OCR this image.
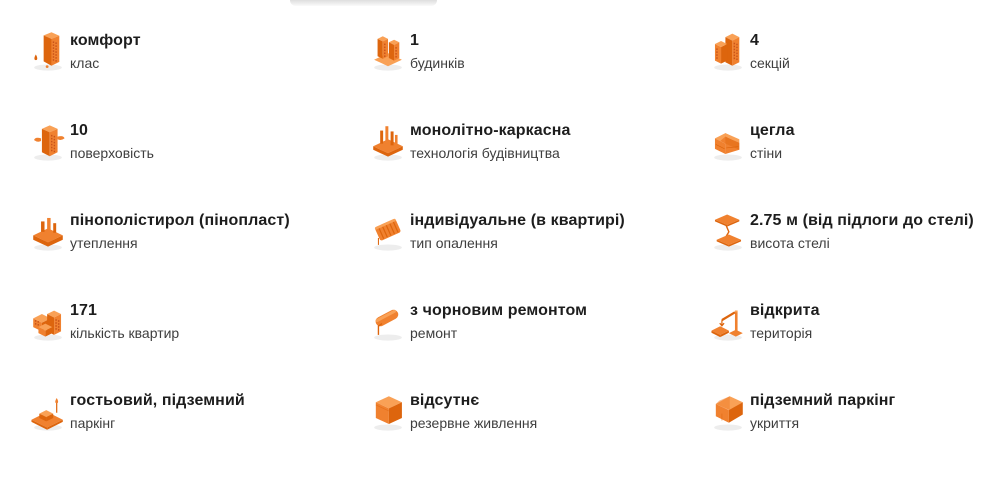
комфорт
клас
1
будинків
4
секцій
10
поверховість
монолітно-каркасна
технологія будівництва
цегла
стіни
пінополістирол (пінопласт)
утеплення
індивідуальне (в квартирі)
тип опалення
2.75 м (від підлоги до стелі)
висота стелі
171
кількість квартир
з чорновим ремонтом
ремонт
відкрита
територія
гостьовий, підземний
паркінг
відсутнє
резервне живлення
підземний паркінг
укриття
